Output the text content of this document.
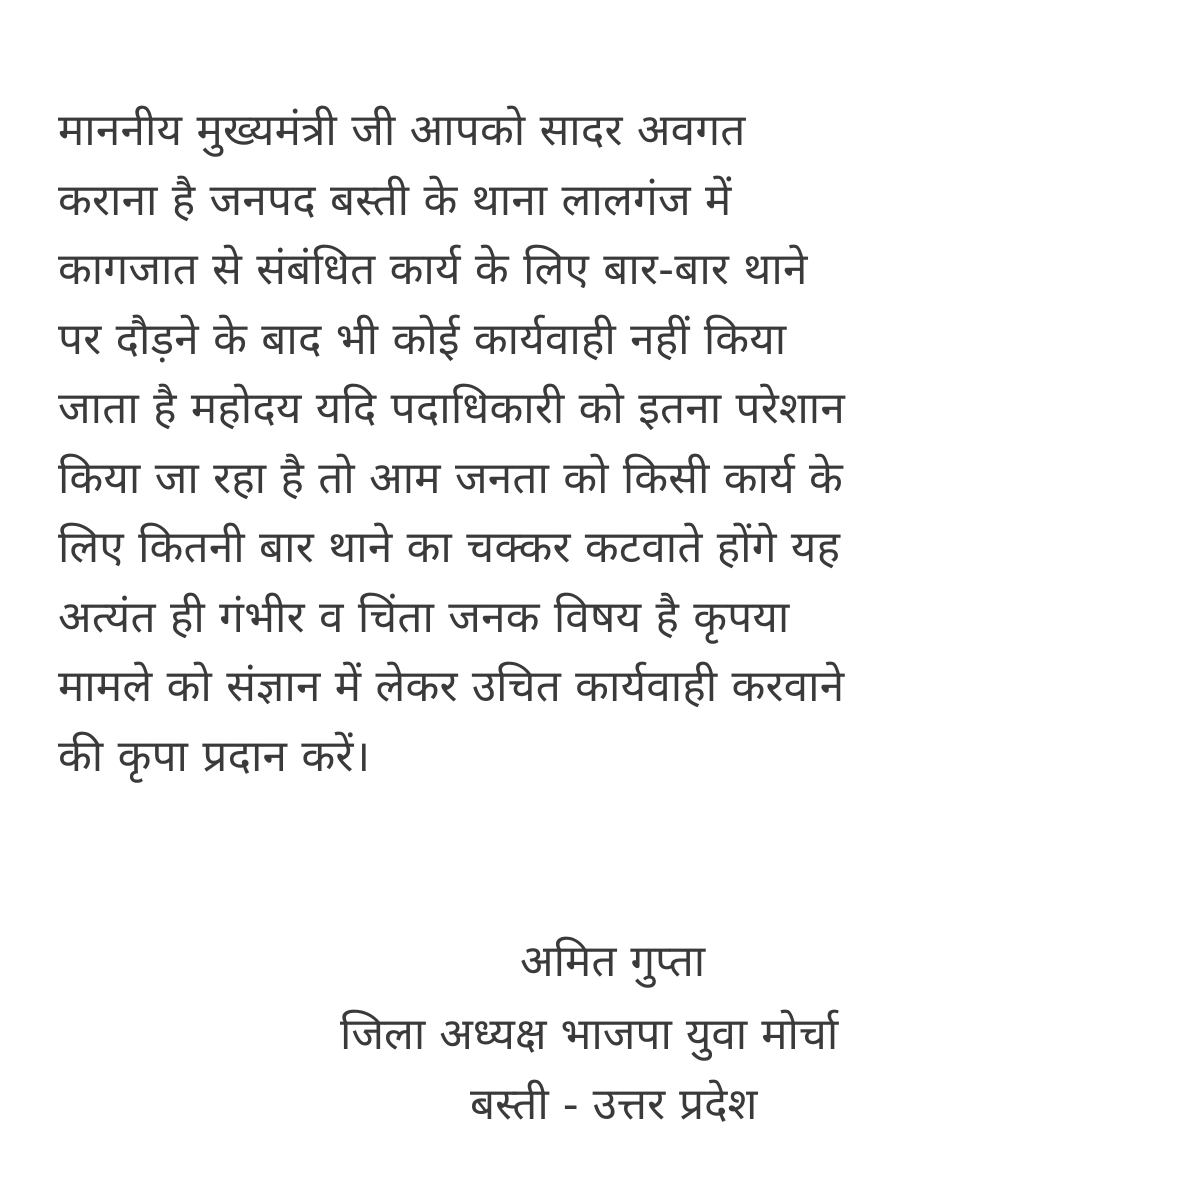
माननीय मुख्यमंत्री जी आपको सादर अवगत
कराना है जनपद बस्ती के थाना लालगंज में
कागजात से संबंधित कार्य के लिए बार-बार थाने
पर दौड़ने के बाद भी कोई कार्यवाही नहीं किया
जाता है महोदय यदि पदाधिकारी को इतना परेशान
किया जा रहा है तो आम जनता को किसी कार्य के
लिए कितनी बार थाने का चक्कर कटवाते होंगे यह
अत्यंत ही गंभीर व चिंता जनक विषय है कृपया
मामले को संज्ञान में लेकर उचित कार्यवाही करवाने
की कृपा प्रदान करें।
अमित गुप्ता
जिला अध्यक्ष भाजपा युवा मोर्चा
बस्ती - उत्तर प्रदेश
